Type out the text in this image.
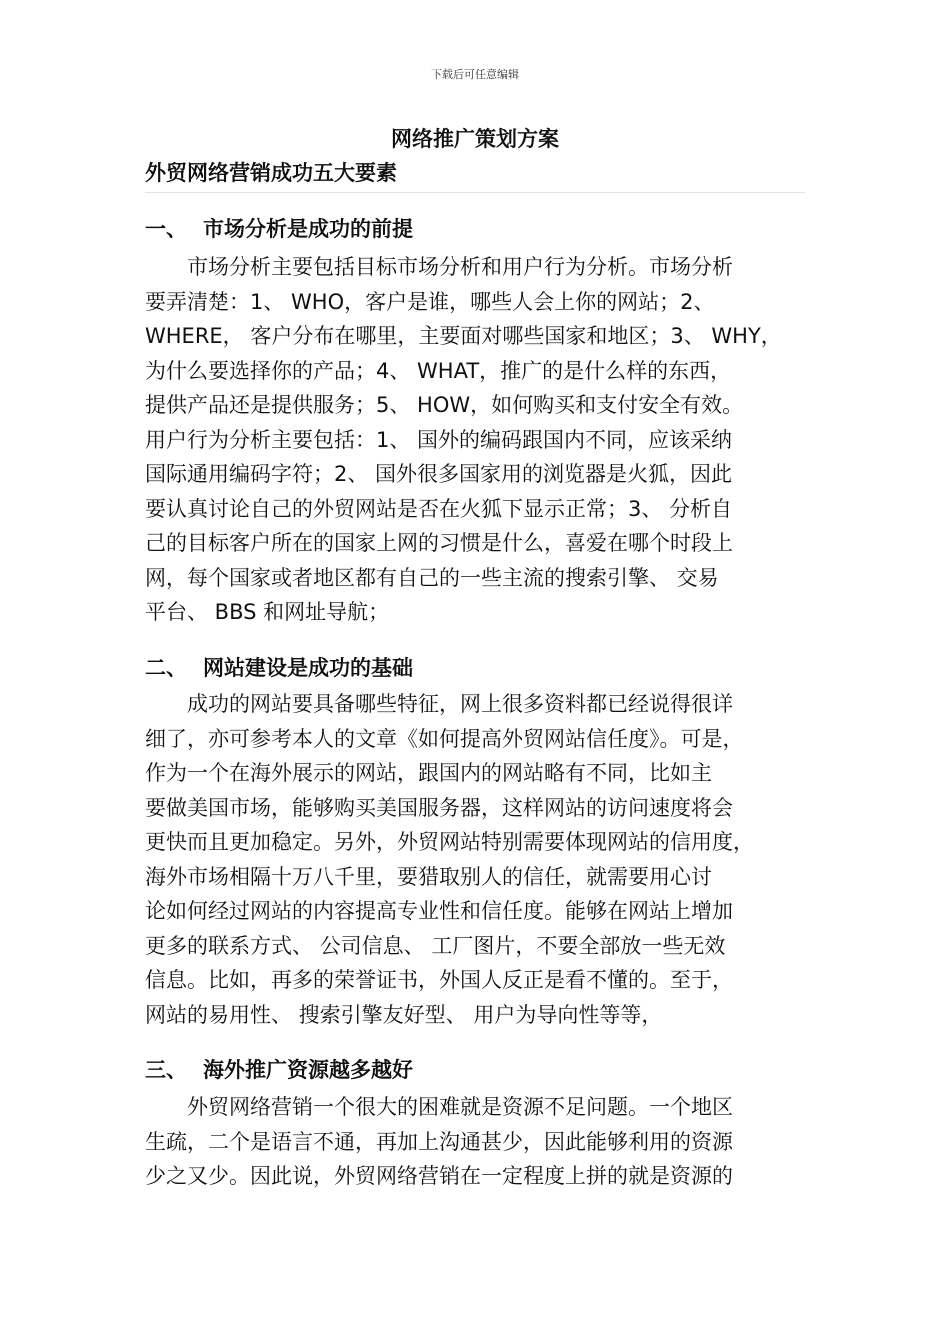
下载后可任意编辑
网络推广策划方案
外贸网络营销成功五大要素
一、 市场分析是成功的前提
　　市场分析主要包括目标市场分析和用户行为分析。市场分析
要弄清楚：1、 WHO，客户是谁，哪些人会上你的网站；2、
WHERE， 客户分布在哪里，主要面对哪些国家和地区；3、 WHY，
为什么要选择你的产品；4、 WHAT，推广的是什么样的东西，
提供产品还是提供服务；5、 HOW，如何购买和支付安全有效。
用户行为分析主要包括：1、 国外的编码跟国内不同，应该采纳
国际通用编码字符；2、 国外很多国家用的浏览器是火狐，因此
要认真讨论自己的外贸网站是否在火狐下显示正常；3、 分析自
己的目标客户所在的国家上网的习惯是什么，喜爱在哪个时段上
网，每个国家或者地区都有自己的一些主流的搜索引擎、 交易
平台、 BBS 和网址导航；
二、 网站建设是成功的基础
　　成功的网站要具备哪些特征，网上很多资料都已经说得很详
细了，亦可参考本人的文章《如何提高外贸网站信任度》。可是，
作为一个在海外展示的网站，跟国内的网站略有不同，比如主
要做美国市场，能够购买美国服务器，这样网站的访问速度将会
更快而且更加稳定。另外，外贸网站特别需要体现网站的信用度，
海外市场相隔十万八千里，要猎取别人的信任，就需要用心讨
论如何经过网站的内容提高专业性和信任度。能够在网站上增加
更多的联系方式、 公司信息、 工厂图片，不要全部放一些无效
信息。比如，再多的荣誉证书，外国人反正是看不懂的。至于，
网站的易用性、 搜索引擎友好型、 用户为导向性等等，
三、 海外推广资源越多越好
　　外贸网络营销一个很大的困难就是资源不足问题。一个地区
生疏，二个是语言不通，再加上沟通甚少，因此能够利用的资源
少之又少。因此说，外贸网络营销在一定程度上拼的就是资源的
